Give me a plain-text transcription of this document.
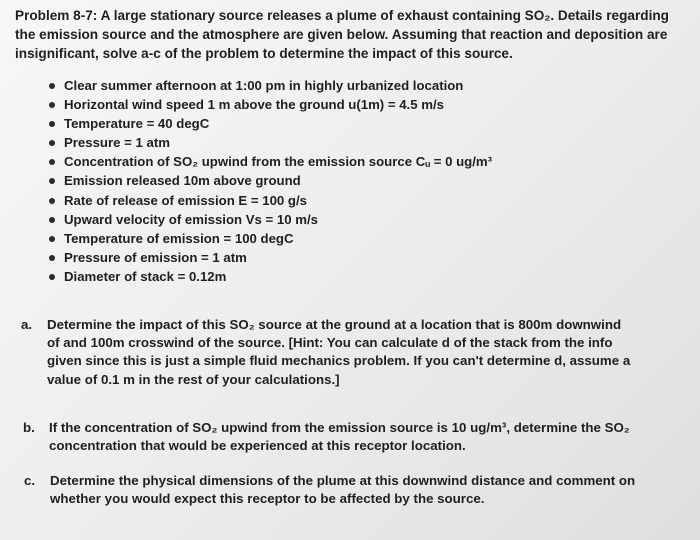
Problem 8-7: A large stationary source releases a plume of exhaust containing SO₂. Details regarding the emission source and the atmosphere are given below. Assuming that reaction and deposition are insignificant, solve a-c of the problem to determine the impact of this source.

Clear summer afternoon at 1:00 pm in highly urbanized location
Horizontal wind speed 1 m above the ground u(1m) = 4.5 m/s
Temperature = 40 degC
Pressure = 1 atm
Concentration of SO₂ upwind from the emission source Cᵤ = 0 ug/m³
Emission released 10m above ground
Rate of release of emission E = 100 g/s
Upward velocity of emission Vs = 10 m/s
Temperature of emission = 100 degC
Pressure of emission = 1 atm
Diameter of stack = 0.12m
a. Determine the impact of this SO₂ source at the ground at a location that is 800m downwind of and 100m crosswind of the source. [Hint: You can calculate d of the stack from the info given since this is just a simple fluid mechanics problem. If you can't determine d, assume a value of 0.1 m in the rest of your calculations.]
b. If the concentration of SO₂ upwind from the emission source is 10 ug/m³, determine the SO₂ concentration that would be experienced at this receptor location.
c. Determine the physical dimensions of the plume at this downwind distance and comment on whether you would expect this receptor to be affected by the source.
